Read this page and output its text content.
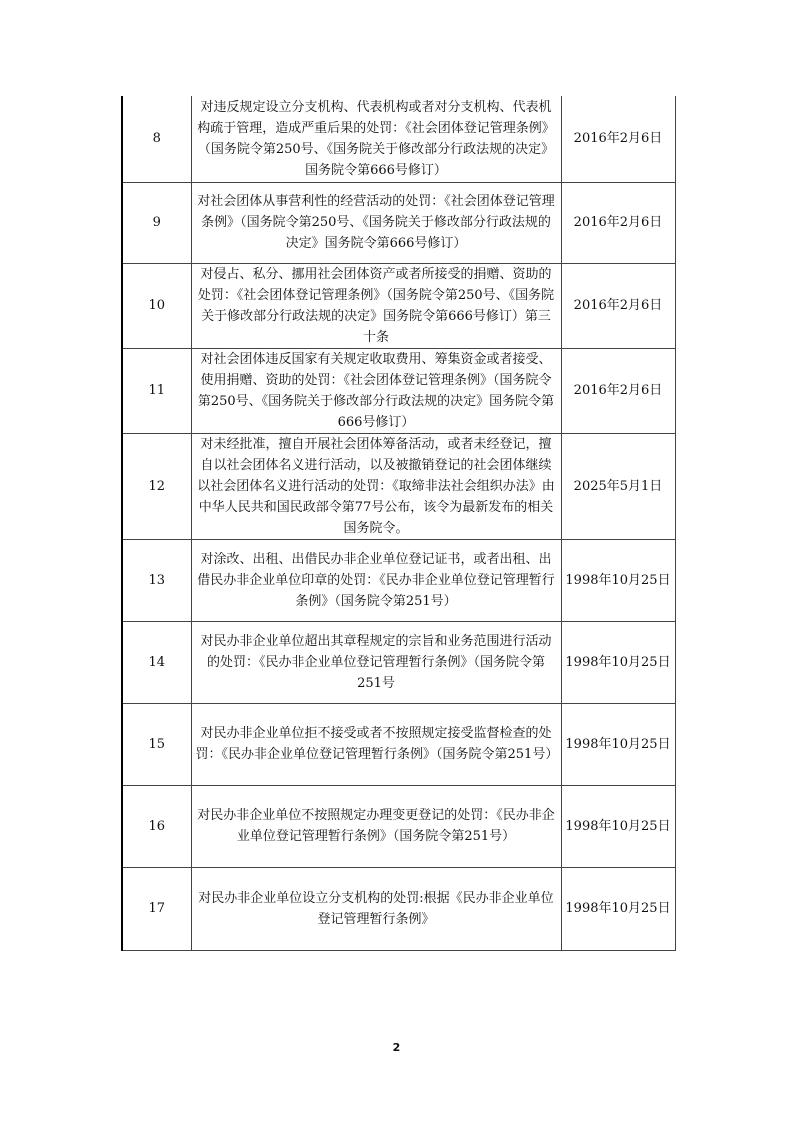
8	对违反规定设立分支机构、代表机构或者对分支机构、代表机构疏于管理，造成严重后果的处罚：《社会团体登记管理条例》（国务院令第250号、《国务院关于修改部分行政法规的决定》国务院令第666号修订）	2016年2月6日
9	对社会团体从事营利性的经营活动的处罚：《社会团体登记管理条例》（国务院令第250号、《国务院关于修改部分行政法规的决定》国务院令第666号修订）	2016年2月6日
10	对侵占、私分、挪用社会团体资产或者所接受的捐赠、资助的处罚：《社会团体登记管理条例》（国务院令第250号、《国务院关于修改部分行政法规的决定》国务院令第666号修订）第三十条	2016年2月6日
11	对社会团体违反国家有关规定收取费用、筹集资金或者接受、使用捐赠、资助的处罚：《社会团体登记管理条例》（国务院令第250号、《国务院关于修改部分行政法规的决定》国务院令第666号修订）	2016年2月6日
12	对未经批准，擅自开展社会团体筹备活动，或者未经登记，擅自以社会团体名义进行活动，以及被撤销登记的社会团体继续以社会团体名义进行活动的处罚：《取缔非法社会组织办法》由中华人民共和国民政部令第77号公布，该令为最新发布的相关国务院令。	2025年5月1日
13	对涂改、出租、出借民办非企业单位登记证书，或者出租、出借民办非企业单位印章的处罚：《民办非企业单位登记管理暂行条例》（国务院令第251号）	1998年10月25日
14	对民办非企业单位超出其章程规定的宗旨和业务范围进行活动的处罚：《民办非企业单位登记管理暂行条例》（国务院令第251号	1998年10月25日
15	对民办非企业单位拒不接受或者不按照规定接受监督检查的处罚：《民办非企业单位登记管理暂行条例》（国务院令第251号）	1998年10月25日
16	对民办非企业单位不按照规定办理变更登记的处罚：《民办非企业单位登记管理暂行条例》（国务院令第251号）	1998年10月25日
17	对民办非企业单位设立分支机构的处罚:根据《民办非企业单位登记管理暂行条例》	1998年10月25日
2
